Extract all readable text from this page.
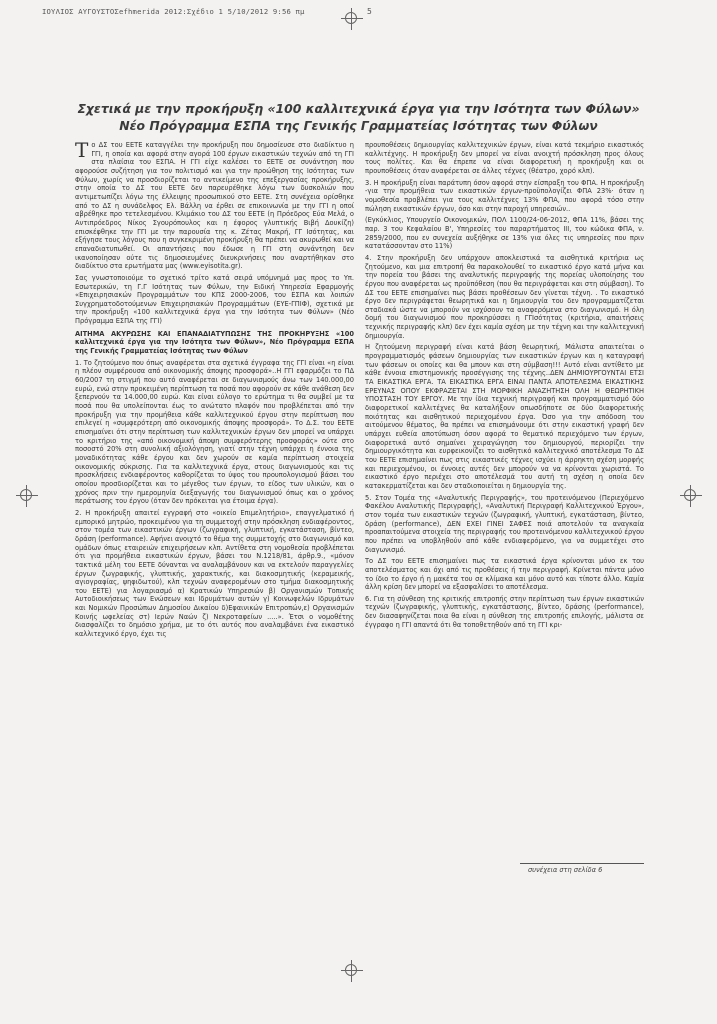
ΙΟΥΛΙΟΣ ΑΥΓΟΥΣΤΟΣefhmerida 2012:Σχέδιο 1 5/10/2012 9:56 πμ	5
Σχετικά με την προκήρυξη «100 καλλιτεχνικά έργα για την Ισότητα των Φύλων»
Νέο Πρόγραμμα ΕΣΠΑ της Γενικής Γραμματείας Ισότητας των Φύλων

Το ΔΣ του ΕΕΤΕ καταγγέλει την προκήρυξη που δημοσίευσε στο διαδίκτυο η ΓΓΙ, η οποία και αφορά στην αγορά 100 έργων εικαστικών τεχνών από τη ΓΓΙ στα πλαίσια του ΕΣΠΑ. Η ΓΓΙ είχε καλέσει το ΕΕΤΕ σε συνάντηση που αφορούσε συζήτηση για τον πολιτισμό και για την προώθηση της Ισότητας των Φύλων, χωρίς να προσδιορίζεται το αντικείμενο της επεξεργασίας προκήρυξης, στην οποία το ΔΣ του ΕΕΤΕ δεν παρευρέθηκε λόγω των δυσκολιών που αντιμετωπίζει λόγω της έλλειψης προσωπικού στο ΕΕΤΕ. Στη συνέχεια ορίσθηκε από το ΔΣ η συνάδελφος Ελ. Βάλλη να έρθει σε επικοινωνία με την ΓΓΙ η οποί αβρέθηκε προ τετελεσμένου. Κλιμάκιο του ΔΣ του ΕΕΤΕ (η Πρόεδρος Εύα Μελά, ο Αντιπρόεδρος Νίκος Σγουρόπουλος και η έφορος γλυπτικής Βιβή Δουκίζη) επισκέφθηκε την ΓΓΙ με την παρουσία της κ. Ζέτας Μακρή, ΓΓ Ισότητας, και εξήγησε τους λόγους που η συγκεκριμένη προκήρυξη θα πρέπει να ακυρωθεί και να επαναδιατυπωθεί. Οι απαντήσεις που έδωσε η ΓΓΙ στη συνάντηση δεν ικανοποίησαν ούτε τις δημοσιευμένες διευκρινήσεις που αναρτήθηκαν στο διαδίκτυο στα ερωτήματα μας (www.eyisotita.gr).

Σας γνωστοποιούμε το σχετικό τρίτο κατά σειρά υπόμνημά μας προς το Υπ. Εσωτερικών, τη Γ.Γ Ισότητας των Φύλων, την Ειδική Υπηρεσία Εφαρμογής «Επιχειρησιακών Προγραμμάτων του ΚΠΣ 2000-2006, του ΕΣΠΑ και λοιπών Συγχρηματοδοτούμενων Επιχειρησιακών Προγραμμάτων (ΕΥΕ-ΓΠΙΦ), σχετικά με την προκήρυξη «100 καλλιτεχνικά έργα για την Ισότητα των Φύλων» (Νέο Πρόγραμμα ΕΣΠΑ της ΓΓΙ)

ΑΙΤΗΜΑ ΑΚΥΡΩΣΗΣ ΚΑΙ ΕΠΑΝΑΔΙΑΤΥΠΩΣΗΣ ΤΗΣ ΠΡΟΚΗΡΥΞΗΣ «100 καλλιτεχνικά έργα για την Ισότητα των Φύλων», Νέο Πρόγραμμα ΕΣΠΑ της Γενικής Γραμματείας Ισότητας των Φύλων

1. Το ζητούμενο που όπως αναφέρεται στα σχετικά έγγραφα της ΓΓΙ είναι «η είναι η πλέον συμφέρουσα από οικονομικής άποψης προσφορά»..Η ΓΓΙ εφαρμόζει το ΠΔ 60/2007 τη στιγμή που αυτό αναφέρεται σε διαγωνισμούς άνω των 140.000,00 ευρώ, ενώ στην προκειμένη περίπτωση τα ποσά που αφορούν σε κάθε ανάθεση δεν ξεπερνούν τα 14.000,00 ευρώ. Και είναι εύλογο το ερώτημα τι θα συμβεί με τα ποσά που θα υπολείπονται έως το ανώτατο πλαφόν που προβλέπεται από την προκήρυξη για την προμήθεια κάθε καλλιτεχνικού έργου στην περίπτωση που επιλεγεί η «συμφερότερη από οικονομικής άποψης προσφορά». Το Δ.Σ. του ΕΕΤΕ επισημαίνει ότι στην περίπτωση των καλλιτεχνικών έργων δεν μπορεί να υπάρχει το κριτήριο της «από οικονομική άποψη συμφερότερης προσφοράς» ούτε στο ποσοστό 20% στη συνολική αξιολόγηση, γιατί στην τέχνη υπάρχει η έννοια της μοναδικότητας κάθε έργου και δεν χωρούν σε καμία περίπτωση στοιχεία οικονομικής σύκρισης. Για τα καλλιτεχνικά έργα, στους διαγωνισμούς και τις προσκλήσεις ενδιαφέροντος καθορίζεται το ύψος του προυπολογισμού βάσει του οποίου προσδιορίζεται και το μέγεθος των έργων, το είδος των υλικών, και ο χρόνος πριν την ημερομηνία διεξαγωγής του διαγωνισμού όπως και ο χρόνος περάτωσης του έργου (όταν δεν πρόκειται για έτοιμα έργα).

2. Η προκήρυξη απαιτεί εγγραφή στο «οικείο Επιμελητήριο», επαγγελματικό ή εμπορικό μητρώο, προκειμένου για τη συμμετοχή στην πρόσκληση ενδιαφέροντος, στον τομέα των εικαστικών έργων (ζωγραφική, γλυπτική, εγκατάσταση, βίντεο, δράση (performance). Αφήνει ανοιχτό το θέμα της συμμετοχής στο διαγωνισμό και ομάδων όπως εταιρειών επιχειρήσεων κλπ. Αντίθετα στη νομοθεσία προβλέπεται ότι για προμήθεια εικαστικών έργων, βάσει του Ν.1218/81, άρθρ.9., «μόνον τακτικά μέλη του ΕΕΤΕ δύνανται να αναλαμβάνουν και να εκτελούν παραγγελίες έργων ζωγραφικής, γλυπτικής, χαρακτικής, και διακοσμητικής (κεραμεικής, αγιογραφίας, ψηφιδωτού), κλπ τεχνών αναφερομένων στο τμήμα διακοσμητικής του ΕΕΤΕ) για λογαριασμό α) Κρατικών Υπηρεσιών β) Οργανισμών Τοπικής Αυτοδιοικήσεως των Ενώσεων και Ιδρυμάτων αυτών γ) Κοινωφελών Ιδρυμάτων και Νομικών Προσώπων Δημοσίου Δικαίου δ)Εφαινικών Επιτροπών,ε) Οργανισμών Κοινής ωφελείας στ) Ιερών Ναών ζ) Νεκροταφείων .....». Έτσι ο νομοθέτης διασφαλίζει το δημόσιο χρήμα, με το ότι αυτός που αναλαμβάνει ένα εικαστικό καλλιτεχνικό έργο, έχει τις

προυποθέσεις δημιουργίας καλλιτεχνικών έργων, είναι κατά τεκμήριο εικαστικός καλλιτέχνης. Η προκήρυξη δεν μπορεί να είναι ανοιχτή πρόσκληση προς όλους τους πολίτες. Και θα έπρεπε να είναι διαφορετική η προκήρυξη και οι προυποθέσεις όταν αναφέρεται σε άλλες τέχνες (θέατρο, χορό κλπ).

3. Η προκήρυξη είναι παράτυπη όσον αφορά στην είσπραξη του ΦΠΑ. Η προκήρυξη -για την προμήθεια των εικαστικών έργων-προϋπολογίζει ΦΠΑ 23%· όταν η νομοθεσία προβλέπει για τους καλλιτέχνες 13% ΦΠΑ, που αφορά τόσο στην πώληση εικαστικών έργων, όσο και στην παροχή υπηρεσιών..

(Εγκύκλιος, Υπουργείο Οικονομικών, ΠΟΛ 1100/24-06-2012, ΦΠΑ 11%, βάσει της παρ. 3 του Κεφαλαίου Β', Υπηρεσίες του παραρτήματος ΙΙΙ, του κώδικα ΦΠΑ, ν. 2859/2000, που εν συνεχεία αυξήθηκε σε 13% για όλες τις υπηρεσίες που πριν κατατάσσονταν στο 11%)

4. Στην προκήρυξη δεν υπάρχουν αποκλειστικά τα αισθητικά κριτήρια ως ζητούμενο, και μια επιτροπή θα παρακολουθεί το εικαστικό έργο κατά μήνα και την πορεία του βάσει της αναλυτικής περιγραφής της πορείας υλοποίησης του έργου που αναφέρεται ως προϋπόθεση (που θα περιγράφεται και στη σύμβαση). Το ΔΣ του ΕΕΤΕ επισημαίνει πως βάσει προθέσεων δεν γίνεται τέχνη. . Το εικαστικό έργο δεν περιγράφεται θεωρητικά και η δημιουργία του δεν προγραμματίζεται σταδιακά ώστε να μπορούν να ισχύσουν τα αναφερόμενα στο διαγωνισμό. Η όλη δομή του διαγωνισμού που προκηρύσσει η ΓΓΙσότητας (κριτήρια, απαιτήσεις τεχνικής περιγραφής κλπ) δεν έχει καμία σχέση με την τέχνη και την καλλιτεχνική δημιουργία.

Η ζητούμενη περιγραφή είναι κατά βάση θεωρητική, Μάλιστα απαιτείται ο προγραμματισμός φάσεων δημιουργίας των εικαστικών έργων και η καταγραφή των φάσεων οι οποίες και θα μπουν και στη σύμβαση!!! Αυτό είναι αντίθετο με κάθε έννοια επιστημονικής προσέγγισης της τέχνης..ΔΕΝ ΔΗΜΙΟΥΡΓΟΥΝΤΑΙ ΕΤΣΙ ΤΑ ΕΙΚΑΣΤΙΚΑ ΕΡΓΑ. ΤΑ ΕΙΚΑΣΤΙΚΑ ΕΡΓΑ ΕΙΝΑΙ ΠΑΝΤΑ ΑΠΟΤΕΛΕΣΜΑ ΕΙΚΑΣΤΙΚΗΣ ΕΡΕΥΝΑΣ ΟΠΟΥ ΕΚΦΡΑΖΕΤΑΙ ΣΤΗ ΜΟΡΦΙΚΗ ΑΝΑΖΗΤΗΣΗ ΟΛΗ Η ΘΕΩΡΗΤΙΚΗ ΥΠΟΣΤΑΣΗ ΤΟΥ ΕΡΓΟΥ. Με την ίδια τεχνική περιγραφή και προγραμματισμό δύο διαφορετικοί καλλιτέχνες θα καταλήξουν οπωσδήποτε σε δύο διαφορετικής ποιότητας και αισθητικού περιεχομένου έργα. Όσο για την απόδοση του αιτούμενου θέματος, θα πρέπει να επισημάνουμε ότι στην εικαστική γραφή δεν υπάρχει ευθεία αποτύπωση όσον αφορά το θεματικό περιεχόμενο των έργων, διαφορετικά αυτό σημαίνει χειραγώγηση του δημιουργού, περιορίζει την δημιουργικότητα και ευρφεικονίζει το αισθητικό καλλιτεχνικό αποτέλεσμα Το ΔΣ του ΕΕΤΕ επισημαίνει πως στις εικαστικές τέχνες ισχύει η άρρηκτη σχέση μορφής και περιεχομένου, οι έννοιες αυτές δεν μπορούν να να κρίνονται χωριστά. Το εικαστικό έργο περιέχει στο αποτέλεσμά του αυτή τη σχέση η οποία δεν κατακερματίζεται και δεν σταδιοποιείται η δημιουργία της.

5. Στον Τομέα της «Αναλυτικής Περιγραφής», του προτεινόμενου (Περιεχόμενο Φακέλου Αναλυτικής Περιγραφής), «Αναλυτική Περιγραφή Καλλιτεχνικού Έργου», στον τομέα των εικαστικών τεχνών (ζωγραφική, γλυπτική, εγκατάσταση, βίντεο, δράση (performance), ΔΕΝ ΕΧΕΙ ΓΙΝΕΙ ΣΑΦΕΣ ποιά αποτελούν τα αναγκαία προαπαιτούμενα στοιχεία της περιγραφής του προτεινόμενου καλλιτεχνικού έργου που πρέπει να υποβληθούν από κάθε ενδιαφερόμενο, για να συμμετέχει στο διαγωνισμό.

Το ΔΣ του ΕΕΤΕ επισημαίνει πως τα εικαστικά έργα κρίνονται μόνο εκ του αποτελέσματος και όχι από τις προθέσεις ή την περιγραφή. Κρίνεται πάντα μόνο το ίδιο το έργο ή η μακέτα του σε κλίμακα και μόνο αυτό και τίποτε άλλο. Καμία άλλη κρίση δεν μπορεί να εξασφαλίσει το αποτέλεσμα.

6. Για τη σύνθεση της κριτικής επιτροπής στην περίπτωση των έργων εικαστικών τεχνών (ζωγραφικής, γλυπτικής, εγκατάστασης, βίντεο, δράσης (performance), δεν διασαφηνίζεται ποια θα είναι η σύνθεση της επιτροπής επιλογής, μάλιστα σε έγγραφο η ΓΓΙ απαντά ότι θα τοποθετηθούν από τη ΓΓΙ κρι-

συνέχεια στη σελίδα 6
